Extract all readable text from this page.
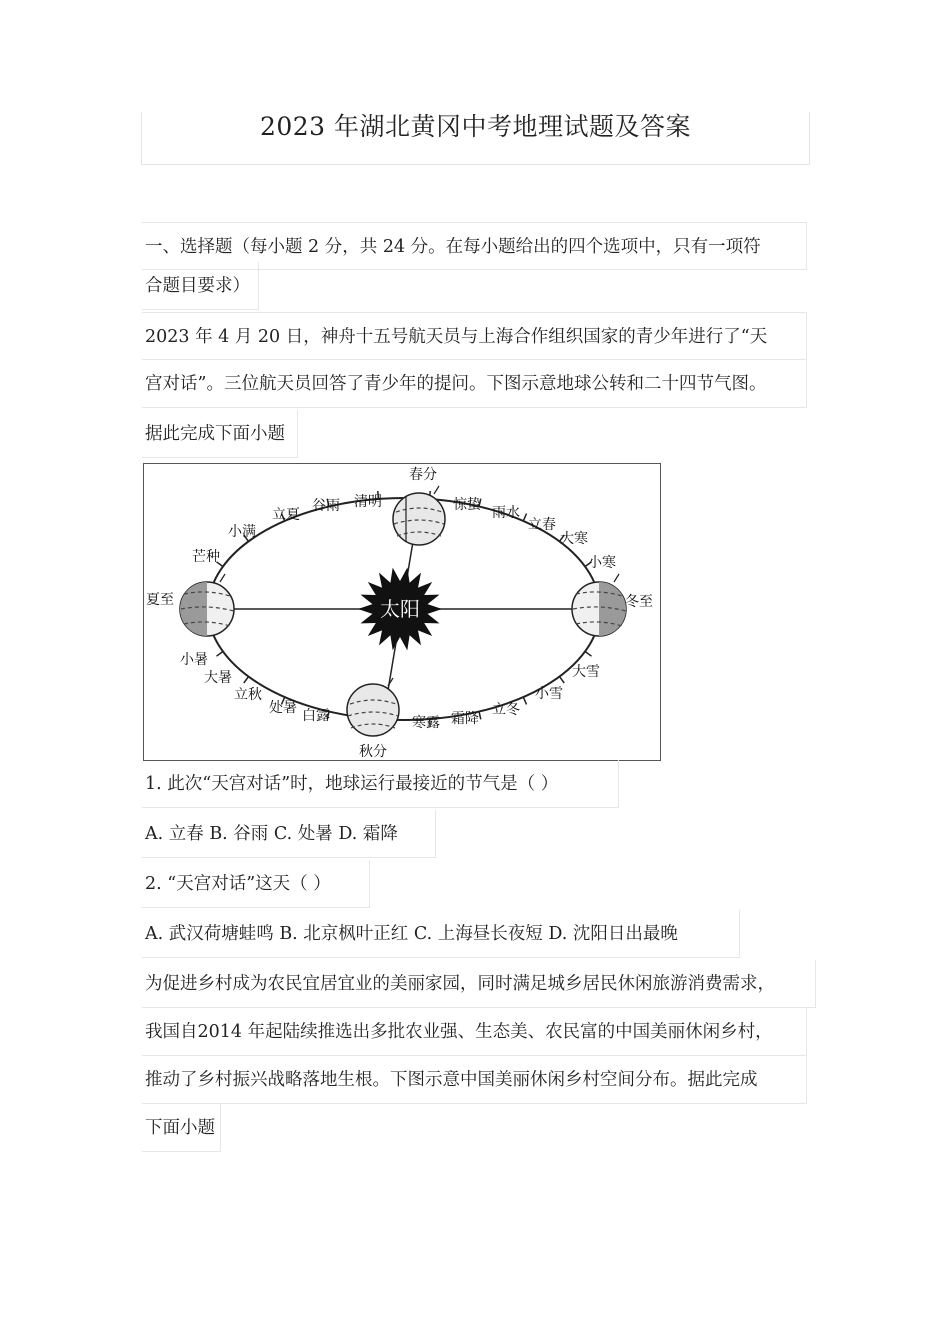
2023 年湖北黄冈中考地理试题及答案
一、选择题（每小题 2 分，共 24 分。在每小题给出的四个选项中，只有一项符
合题目要求）
2023 年 4 月 20 日，神舟十五号航天员与上海合作组织国家的青少年进行了“天
宫对话”。三位航天员回答了青少年的提问。下图示意地球公转和二十四节气图。
据此完成下面小题
太阳
春分
惊蛰 雨水
立春
大寒
小寒
冬至
大雪
小雪
立冬
霜降
寒露
秋分
白露
处暑
立秋
大暑
小暑
夏至
芒种
小满
立夏
谷雨 清明
1. 此次“天宫对话”时，地球运行最接近的节气是（ ）
A. 立春 B. 谷雨 C. 处暑 D. 霜降
2. “天宫对话”这天（ ）
A. 武汉荷塘蛙鸣 B. 北京枫叶正红 C. 上海昼长夜短 D. 沈阳日出最晚
为促进乡村成为农民宜居宜业的美丽家园，同时满足城乡居民休闲旅游消费需求，
我国自2014 年起陆续推选出多批农业强、生态美、农民富的中国美丽休闲乡村，
推动了乡村振兴战略落地生根。下图示意中国美丽休闲乡村空间分布。据此完成
下面小题
